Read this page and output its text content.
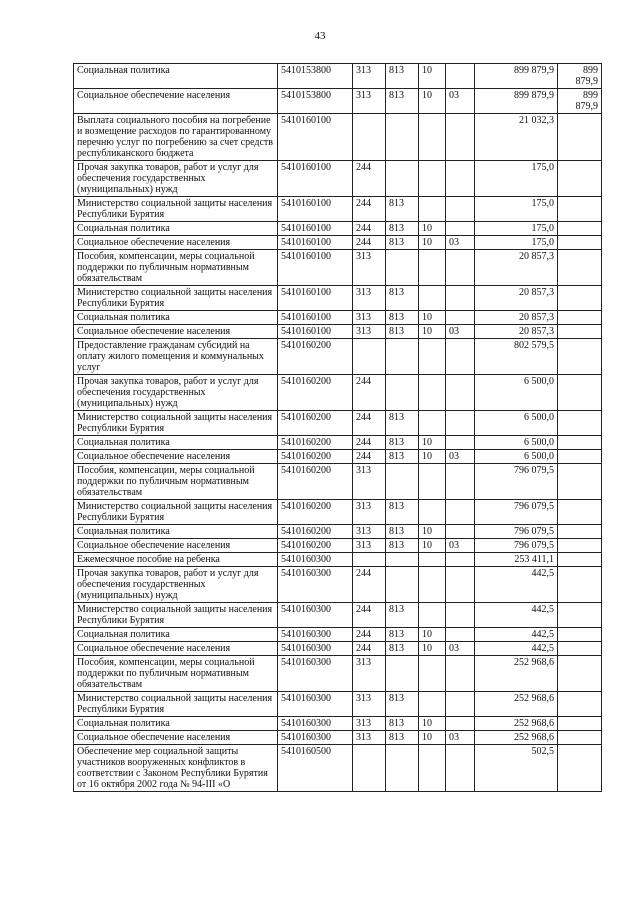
43
Социальная политика	5410153800	313	813	10		899 879,9	899 879,9
Социальное обеспечение населения	5410153800	313	813	10	03	899 879,9	899 879,9
Выплата социального пособия на погребение и возмещение расходов по гарантированному перечню услуг по погребению за счет средств республиканского бюджета	5410160100					21 032,3	
Прочая закупка товаров, работ и услуг для обеспечения государственных (муниципальных) нужд	5410160100	244				175,0	
Министерство социальной защиты населения Республики Бурятия	5410160100	244	813			175,0	
Социальная политика	5410160100	244	813	10		175,0	
Социальное обеспечение населения	5410160100	244	813	10	03	175,0	
Пособия, компенсации, меры социальной поддержки по публичным нормативным обязательствам	5410160100	313				20 857,3	
Министерство социальной защиты населения Республики Бурятия	5410160100	313	813			20 857,3	
Социальная политика	5410160100	313	813	10		20 857,3	
Социальное обеспечение населения	5410160100	313	813	10	03	20 857,3	
Предоставление гражданам субсидий на оплату жилого помещения и коммунальных услуг	5410160200					802 579,5	
Прочая закупка товаров, работ и услуг для обеспечения государственных (муниципальных) нужд	5410160200	244				6 500,0	
Министерство социальной защиты населения Республики Бурятия	5410160200	244	813			6 500,0	
Социальная политика	5410160200	244	813	10		6 500,0	
Социальное обеспечение населения	5410160200	244	813	10	03	6 500,0	
Пособия, компенсации, меры социальной поддержки по публичным нормативным обязательствам	5410160200	313				796 079,5	
Министерство социальной защиты населения Республики Бурятия	5410160200	313	813			796 079,5	
Социальная политика	5410160200	313	813	10		796 079,5	
Социальное обеспечение населения	5410160200	313	813	10	03	796 079,5	
Ежемесячное пособие на ребенка	5410160300					253 411,1	
Прочая закупка товаров, работ и услуг для обеспечения государственных (муниципальных) нужд	5410160300	244				442,5	
Министерство социальной защиты населения Республики Бурятия	5410160300	244	813			442,5	
Социальная политика	5410160300	244	813	10		442,5	
Социальное обеспечение населения	5410160300	244	813	10	03	442,5	
Пособия, компенсации, меры социальной поддержки по публичным нормативным обязательствам	5410160300	313				252 968,6	
Министерство социальной защиты населения Республики Бурятия	5410160300	313	813			252 968,6	
Социальная политика	5410160300	313	813	10		252 968,6	
Социальное обеспечение населения	5410160300	313	813	10	03	252 968,6	
Обеспечение мер социальной защиты участников вооруженных конфликтов в соответствии с Законом Республики Бурятия от 16 октября 2002 года № 94-III «О	5410160500					502,5	
